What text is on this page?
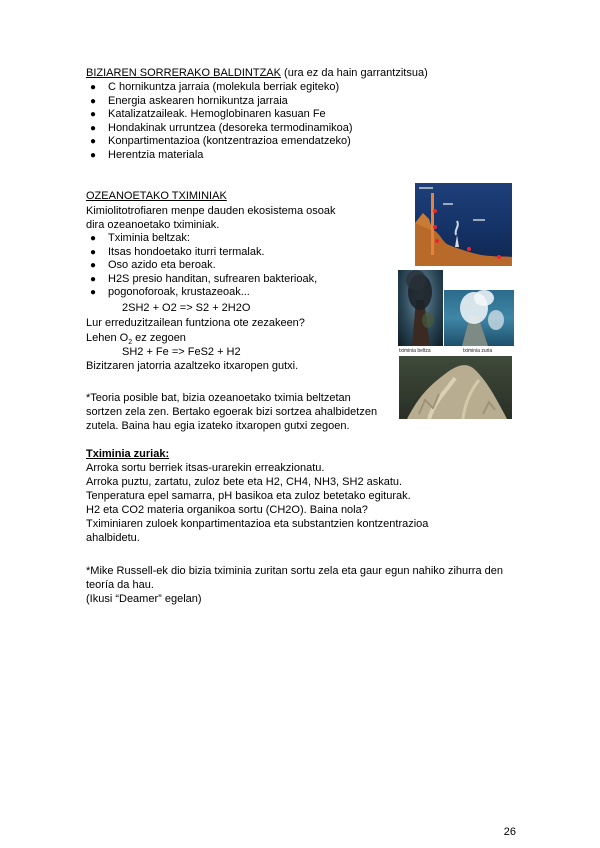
BIZIAREN SORRERAKO BALDINTZAK (ura ez da hain garrantzitsua)
● C hornikuntza jarraia (molekula berriak egiteko)
● Energia askearen hornikuntza jarraia
● Katalizatzaileak. Hemoglobinaren kasuan Fe
● Hondakinak urruntzea (desoreka termodinamikoa)
● Konpartimentazioa (kontzentrazioa emendatzeko)
● Herentzia materiala
OZEANOETAKO TXIMINIAK
Kimiolitotrofiaren menpe dauden ekosistema osoak
dira ozeanoetako tximiniak.
● Tximinia beltzak:
● Itsas hondoetako iturri termalak.
● Oso azido eta beroak.
● H2S presio handitan, sufrearen bakterioak,
● pogonoforoak, krustazeoak...
2SH2 + O2 => S2 + 2H2O
Lur erreduzitzailean funtziona ote zezakeen?
Lehen $O_2$ ez zegoen
SH2 + Fe => FeS2 + H2
Bizitzaren jatorria azaltzeko itxaropen gutxi.
tximinia beltza	tximinia zuria
*Teoria posible bat, bizia ozeanoetako tximia beltzetan
sortzen zela zen. Bertako egoerak bizi sortzea ahalbidetzen
zutela. Baina hau egia izateko itxaropen gutxi zegoen.
Tximinia zuriak:
Arroka sortu berriek itsas-urarekin erreakzionatu.
Arroka puztu, zartatu, zuloz bete eta H2, CH4, NH3, SH2 askatu.
Tenperatura epel samarra, pH basikoa eta zuloz betetako egiturak.
H2 eta CO2 materia organikoa sortu (CH2O). Baina nola?
Tximiniaren zuloek konpartimentazioa eta substantzien kontzentrazioa
ahalbidetu.
*Mike Russell-ek dio bizia tximinia zuritan sortu zela eta gaur egun nahiko zihurra den
teoría da hau.
(Ikusi “Deamer” egelan)
26
